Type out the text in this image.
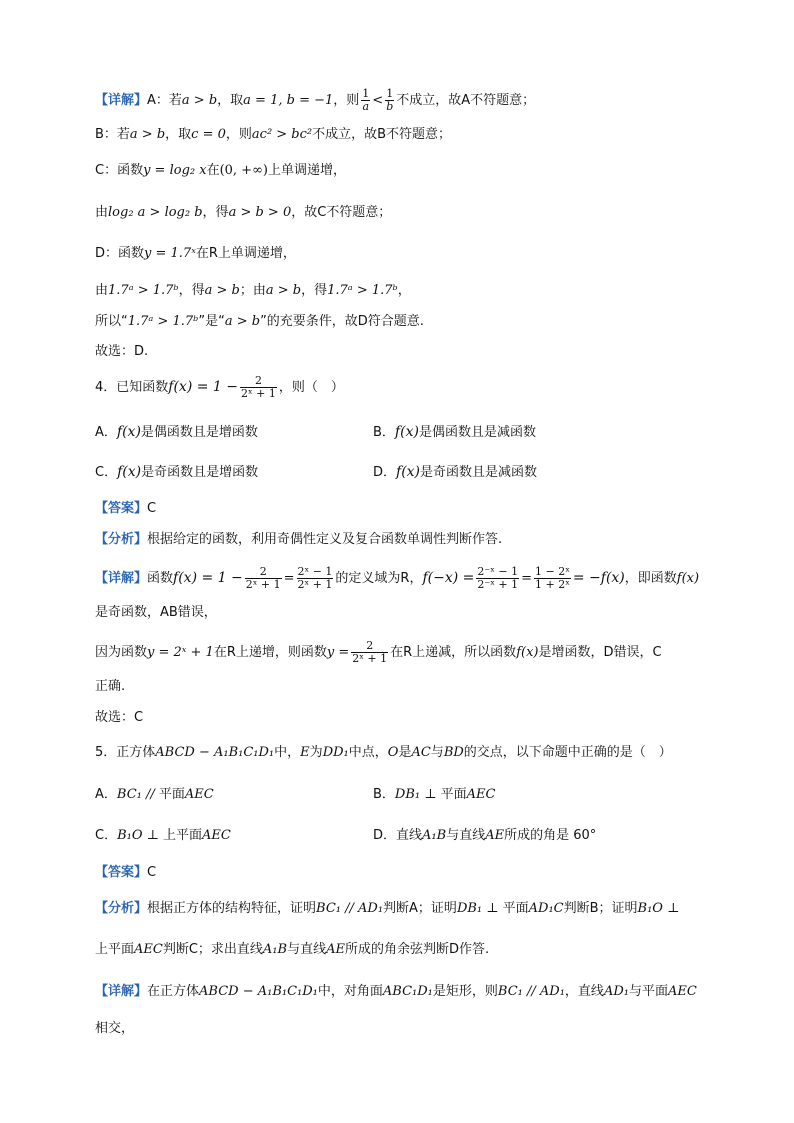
【详解】A：若a > b，取a = 1, b = −1，则 $\frac{1}{a} < \frac{1}{b}$ 不成立，故A不符题意；
B：若a > b，取c = 0，则ac² > bc²不成立，故B不符题意；
C：函数y = log₂ x在(0, +∞)上单调递增，
由log₂ a > log₂ b，得a > b > 0，故C不符题意；
D：函数y = 1.7ˣ在R上单调递增，
由1.7ᵃ > 1.7ᵇ，得a > b；由a > b，得1.7ᵃ > 1.7ᵇ，
所以“1.7ᵃ > 1.7ᵇ”是“a > b”的充要条件，故D符合题意.
故选：D.
4．已知函数$f(x) = 1 - \frac{2}{\text{2ˣ + 1}}$ ，则（　）
A．f(x)是偶函数且是增函数	B．f(x)是偶函数且是减函数
C．f(x)是奇函数且是增函数	D．f(x)是奇函数且是减函数
【答案】C
【分析】根据给定的函数，利用奇偶性定义及复合函数单调性判断作答.
【详解】函数$f(x) = 1 - \frac{2}{\text{2ˣ + 1}} = \frac{\text{2ˣ − 1}}{\text{2ˣ + 1}}$ 的定义域为R，$f(-x) = \frac{\text{2⁻ˣ − 1}}{\text{2⁻ˣ + 1}} = \frac{\text{1 − 2ˣ}}{\text{1 + 2ˣ}} = -f(x)$，即函数f(x)
是奇函数，AB错误，
因为函数y = 2ˣ + 1在R上递增，则函数$y = \frac{2}{\text{2ˣ + 1}}$ 在R上递减，所以函数f(x)是增函数，D错误，C
正确.
故选：C
5．正方体ABCD − A₁B₁C₁D₁中，E为DD₁中点，O是AC与BD的交点，以下命题中正确的是（　）
A．BC₁ // 平面AEC	B．DB₁ ⊥ 平面AEC
C．B₁O ⊥ 上平面AEC	D．直线A₁B与直线AE所成的角是 60°
【答案】C
【分析】根据正方体的结构特征，证明BC₁ // AD₁判断A；证明DB₁ ⊥ 平面AD₁C判断B；证明B₁O ⊥
上平面AEC判断C；求出直线A₁B与直线AE所成的角余弦判断D作答.
【详解】在正方体ABCD − A₁B₁C₁D₁中，对角面ABC₁D₁是矩形，则BC₁ // AD₁，直线AD₁与平面AEC
相交，
